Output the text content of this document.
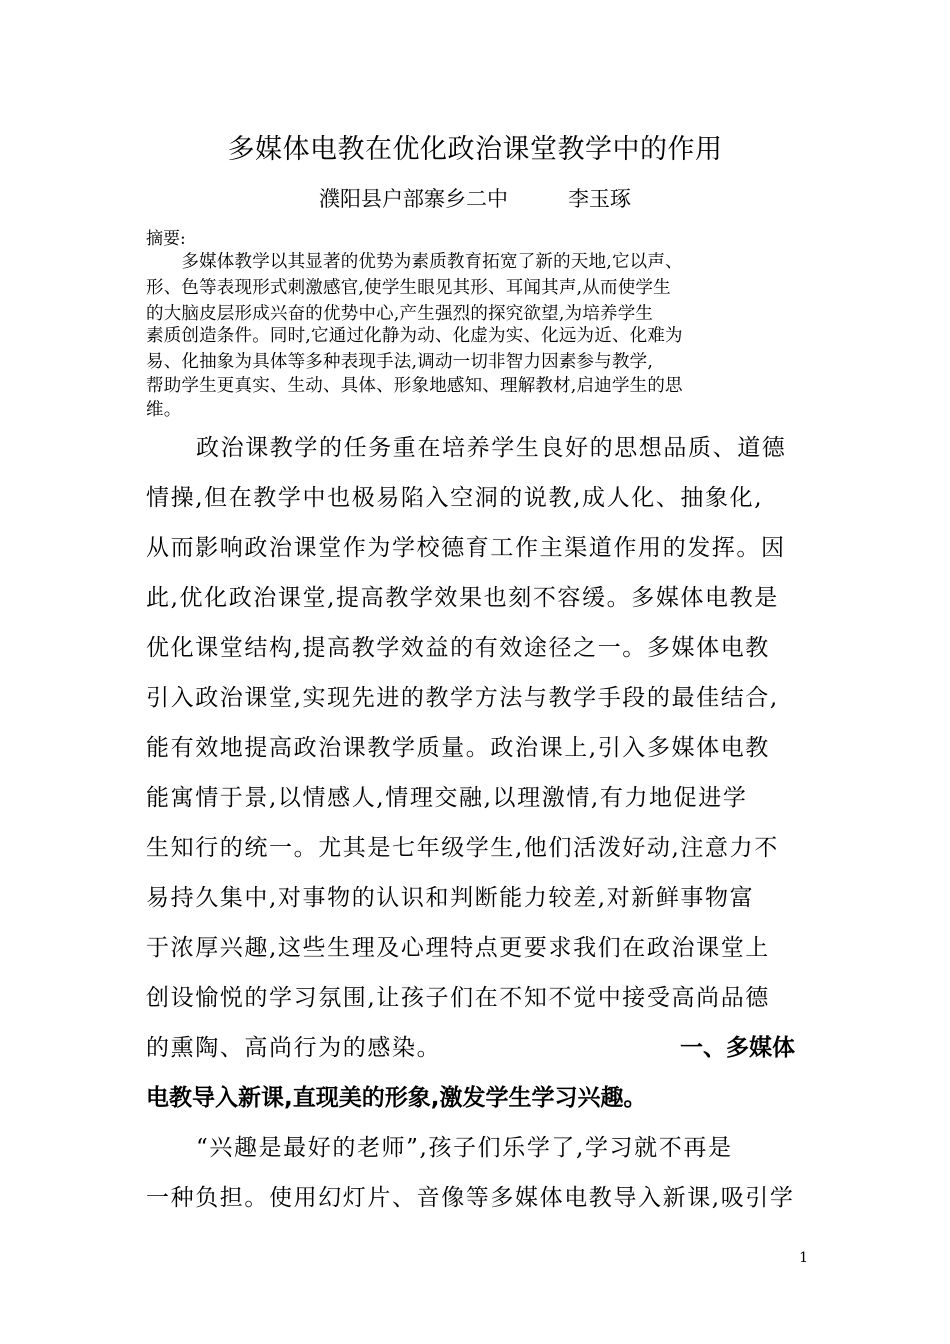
多媒体电教在优化政治课堂教学中的作用
濮阳县户部寨乡二中	李玉琢
摘要:
　　多媒体教学以其显著的优势为素质教育拓宽了新的天地,它以声、
形、色等表现形式刺激感官,使学生眼见其形、耳闻其声,从而使学生
的大脑皮层形成兴奋的优势中心,产生强烈的探究欲望,为培养学生
素质创造条件。同时,它通过化静为动、化虚为实、化远为近、化难为
易、化抽象为具体等多种表现手法,调动一切非智力因素参与教学,
帮助学生更真实、生动、具体、形象地感知、理解教材,启迪学生的思
维。
政治课教学的任务重在培养学生良好的思想品质、道德
情操,但在教学中也极易陷入空洞的说教,成人化、抽象化,
从而影响政治课堂作为学校德育工作主渠道作用的发挥。因
此,优化政治课堂,提高教学效果也刻不容缓。多媒体电教是
优化课堂结构,提高教学效益的有效途径之一。多媒体电教
引入政治课堂,实现先进的教学方法与教学手段的最佳结合,
能有效地提高政治课教学质量。政治课上,引入多媒体电教
能寓情于景,以情感人,情理交融,以理激情,有力地促进学
生知行的统一。尤其是七年级学生,他们活泼好动,注意力不
易持久集中,对事物的认识和判断能力较差,对新鲜事物富
于浓厚兴趣,这些生理及心理特点更要求我们在政治课堂上
创设愉悦的学习氛围,让孩子们在不知不觉中接受高尚品德
的熏陶、高尚行为的感染。	一、多媒体
电教导入新课,直现美的形象,激发学生学习兴趣。
“兴趣是最好的老师”,孩子们乐学了,学习就不再是
一种负担。使用幻灯片、音像等多媒体电教导入新课,吸引学
1
